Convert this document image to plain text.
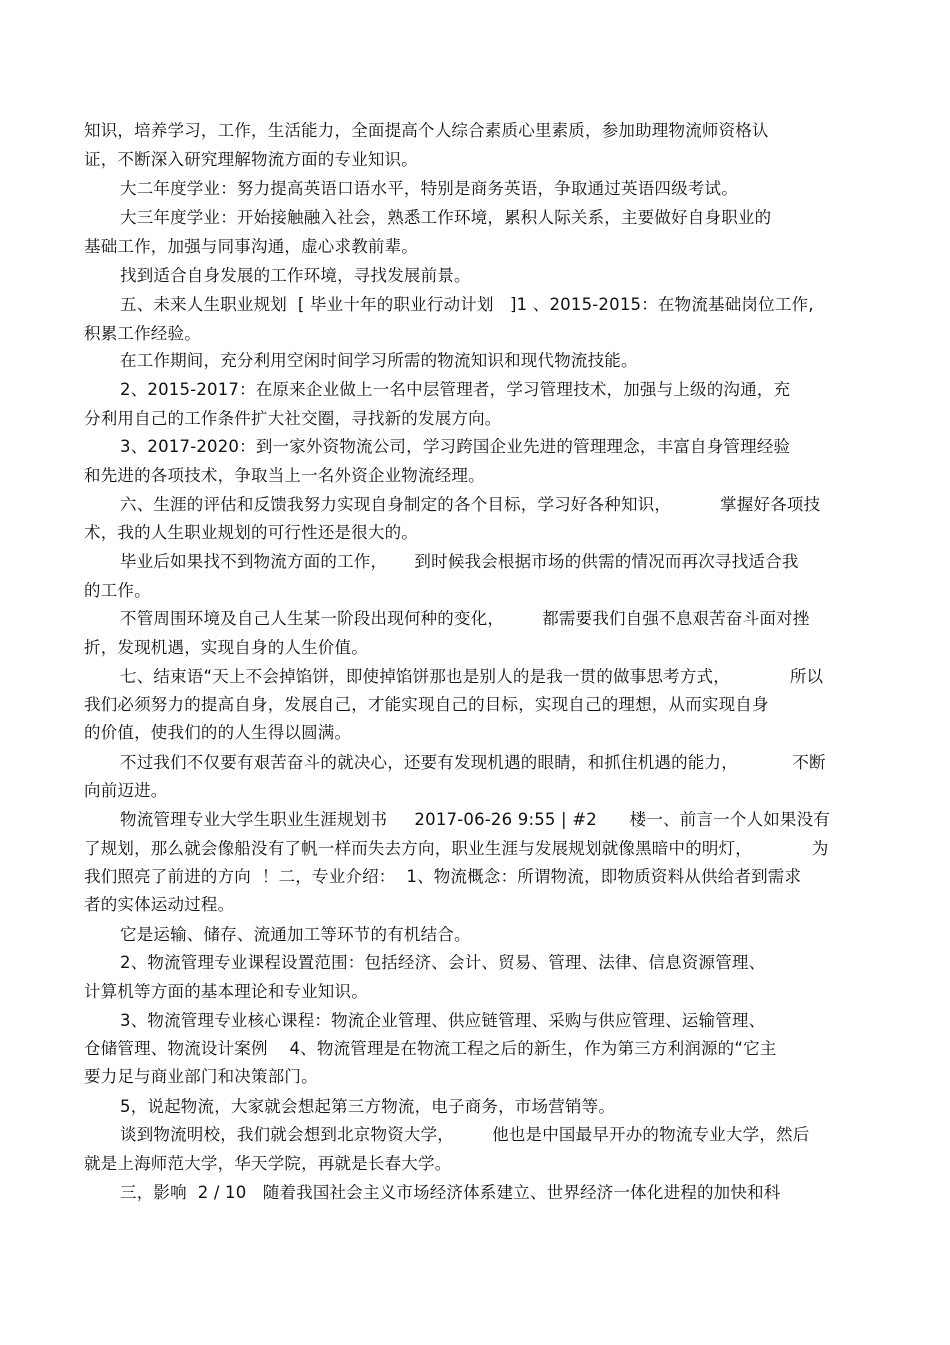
知识，培养学习，工作，生活能力，全面提高个人综合素质心里素质，参加助理物流师资格认
证，不断深入研究理解物流方面的专业知识。
大二年度学业：努力提高英语口语水平，特别是商务英语，争取通过英语四级考试。
大三年度学业：开始接触融入社会，熟悉工作环境，累积人际关系，主要做好自身职业的
基础工作，加强与同事沟通，虚心求教前辈。
找到适合自身发展的工作环境，寻找发展前景。
五、未来人生职业规划  [ 毕业十年的职业行动计划   ]1 、2015-2015：在物流基础岗位工作,
积累工作经验。
在工作期间，充分利用空闲时间学习所需的物流知识和现代物流技能。
2、2015-2017：在原来企业做上一名中层管理者，学习管理技术，加强与上级的沟通，充
分利用自己的工作条件扩大社交圈，寻找新的发展方向。
3、2017-2020：到一家外资物流公司，学习跨国企业先进的管理理念，丰富自身管理经验
和先进的各项技术，争取当上一名外资企业物流经理。
六、生涯的评估和反馈我努力实现自身制定的各个目标，学习好各种知识，         掌握好各项技
术，我的人生职业规划的可行性还是很大的。
毕业后如果找不到物流方面的工作，     到时候我会根据市场的供需的情况而再次寻找适合我
的工作。
不管周围环境及自己人生某一阶段出现何种的变化，       都需要我们自强不息艰苦奋斗面对挫
折，发现机遇，实现自身的人生价值。
七、结束语“天上不会掉馅饼，即使掉馅饼那也是别人的是我一贯的做事思考方式，           所以
我们必须努力的提高自身，发展自己，才能实现自己的目标，实现自己的理想，从而实现自身
的价值，使我们的的人生得以圆满。
不过我们不仅要有艰苦奋斗的就决心，还要有发现机遇的眼睛，和抓住机遇的能力，          不断
向前迈进。
物流管理专业大学生职业生涯规划书     2017-06-26 9:55 | #2      楼一、前言一个人如果没有
了规划，那么就会像船没有了帆一样而失去方向，职业生涯与发展规划就像黑暗中的明灯，           为
我们照亮了前进的方向  ！二，专业介绍：  1、物流概念：所谓物流，即物质资料从供给者到需求
者的实体运动过程。
它是运输、储存、流通加工等环节的有机结合。
2、物流管理专业课程设置范围：包括经济、会计、贸易、管理、法律、信息资源管理、
计算机等方面的基本理论和专业知识。
3、物流管理专业核心课程：物流企业管理、供应链管理、采购与供应管理、运输管理、
仓储管理、物流设计案例    4、物流管理是在物流工程之后的新生，作为第三方利润源的“它主
要力足与商业部门和决策部门。
5，说起物流，大家就会想起第三方物流，电子商务，市场营销等。
谈到物流明校，我们就会想到北京物资大学，       他也是中国最早开办的物流专业大学，然后
就是上海师范大学，华天学院，再就是长春大学。
三，影响  2 / 10   随着我国社会主义市场经济体系建立、世界经济一体化进程的加快和科
